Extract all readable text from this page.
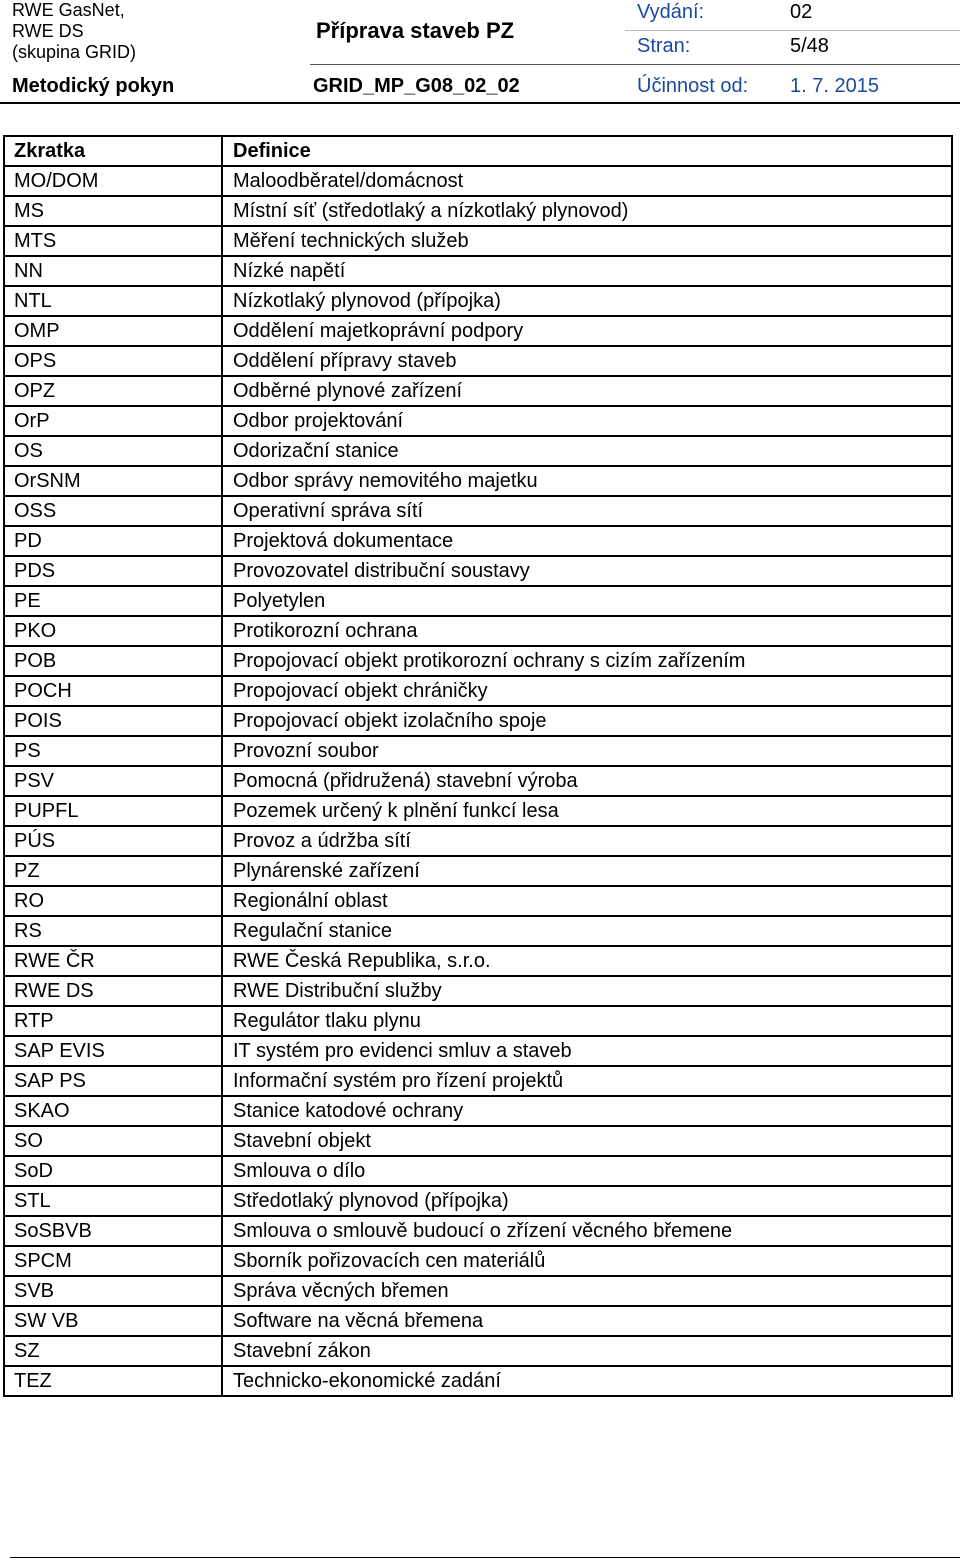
RWE GasNet,
RWE DS
(skupina GRID)
Příprava staveb PZ
Vydání:	02
Stran:	5/48
Metodický pokyn	GRID_MP_G08_02_02	Účinnost od: 1. 7. 2015
Zkratka	Definice
MO/DOM	Maloodběratel/domácnost
MS	Místní síť (středotlaký a nízkotlaký plynovod)
MTS	Měření technických služeb
NN	Nízké napětí
NTL	Nízkotlaký plynovod (přípojka)
OMP	Oddělení majetkoprávní podpory
OPS	Oddělení přípravy staveb
OPZ	Odběrné plynové zařízení
OrP	Odbor projektování
OS	Odorizační stanice
OrSNM	Odbor správy nemovitého majetku
OSS	Operativní správa sítí
PD	Projektová dokumentace
PDS	Provozovatel distribuční soustavy
PE	Polyetylen
PKO	Protikorozní ochrana
POB	Propojovací objekt protikorozní ochrany s cizím zařízením
POCH	Propojovací objekt chráničky
POIS	Propojovací objekt izolačního spoje
PS	Provozní soubor
PSV	Pomocná (přidružená) stavební výroba
PUPFL	Pozemek určený k plnění funkcí lesa
PÚS	Provoz a údržba sítí
PZ	Plynárenské zařízení
RO	Regionální oblast
RS	Regulační stanice
RWE ČR	RWE Česká Republika, s.r.o.
RWE DS	RWE Distribuční služby
RTP	Regulátor tlaku plynu
SAP EVIS	IT systém pro evidenci smluv a staveb
SAP PS	Informační systém pro řízení projektů
SKAO	Stanice katodové ochrany
SO	Stavební objekt
SoD	Smlouva o dílo
STL	Středotlaký plynovod (přípojka)
SoSBVB	Smlouva o smlouvě budoucí o zřízení věcného břemene
SPCM	Sborník pořizovacích cen materiálů
SVB	Správa věcných břemen
SW VB	Software na věcná břemena
SZ	Stavební zákon
TEZ	Technicko-ekonomické zadání
